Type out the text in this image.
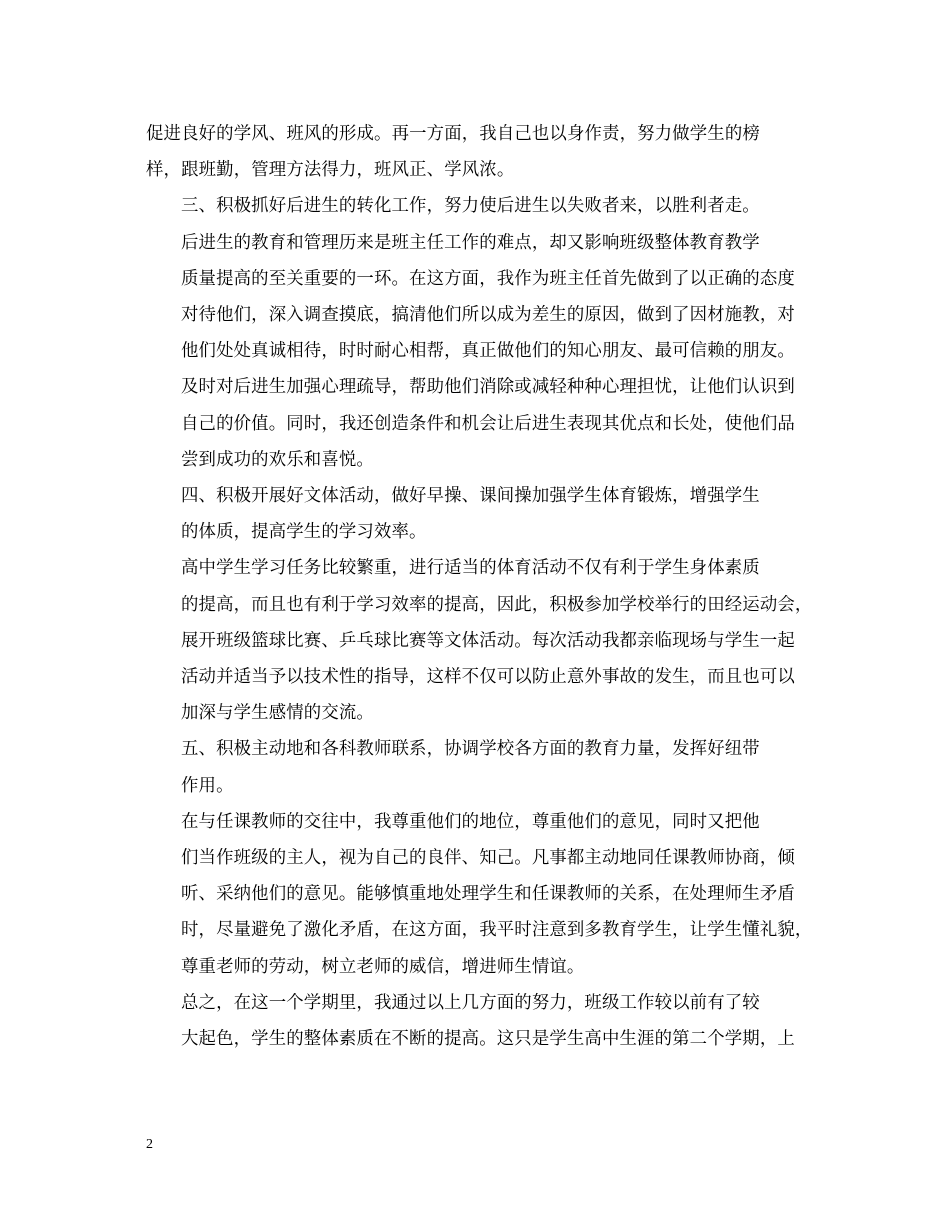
促进良好的学风、班风的形成。再一方面，我自己也以身作责，努力做学生的榜
样，跟班勤，管理方法得力，班风正、学风浓。

三、积极抓好后进生的转化工作，努力使后进生以失败者来，以胜利者走。

后进生的教育和管理历来是班主任工作的难点，却又影响班级整体教育教学
质量提高的至关重要的一环。在这方面，我作为班主任首先做到了以正确的态度
对待他们，深入调查摸底，搞清他们所以成为差生的原因，做到了因材施教，对
他们处处真诚相待，时时耐心相帮，真正做他们的知心朋友、最可信赖的朋友。
及时对后进生加强心理疏导，帮助他们消除或减轻种种心理担忧，让他们认识到
自己的价值。同时，我还创造条件和机会让后进生表现其优点和长处，使他们品
尝到成功的欢乐和喜悦。

四、积极开展好文体活动，做好早操、课间操加强学生体育锻炼，增强学生
的体质，提高学生的学习效率。

高中学生学习任务比较繁重，进行适当的体育活动不仅有利于学生身体素质
的提高，而且也有利于学习效率的提高，因此，积极参加学校举行的田经运动会，
展开班级篮球比赛、乒乓球比赛等文体活动。每次活动我都亲临现场与学生一起
活动并适当予以技术性的指导，这样不仅可以防止意外事故的发生，而且也可以
加深与学生感情的交流。

五、积极主动地和各科教师联系，协调学校各方面的教育力量，发挥好纽带
作用。

在与任课教师的交往中，我尊重他们的地位，尊重他们的意见，同时又把他
们当作班级的主人，视为自己的良伴、知己。凡事都主动地同任课教师协商，倾
听、采纳他们的意见。能够慎重地处理学生和任课教师的关系，在处理师生矛盾
时，尽量避免了激化矛盾，在这方面，我平时注意到多教育学生，让学生懂礼貌，
尊重老师的劳动，树立老师的威信，增进师生情谊。

总之，在这一个学期里，我通过以上几方面的努力，班级工作较以前有了较
大起色，学生的整体素质在不断的提高。这只是学生高中生涯的第二个学期，上

2
